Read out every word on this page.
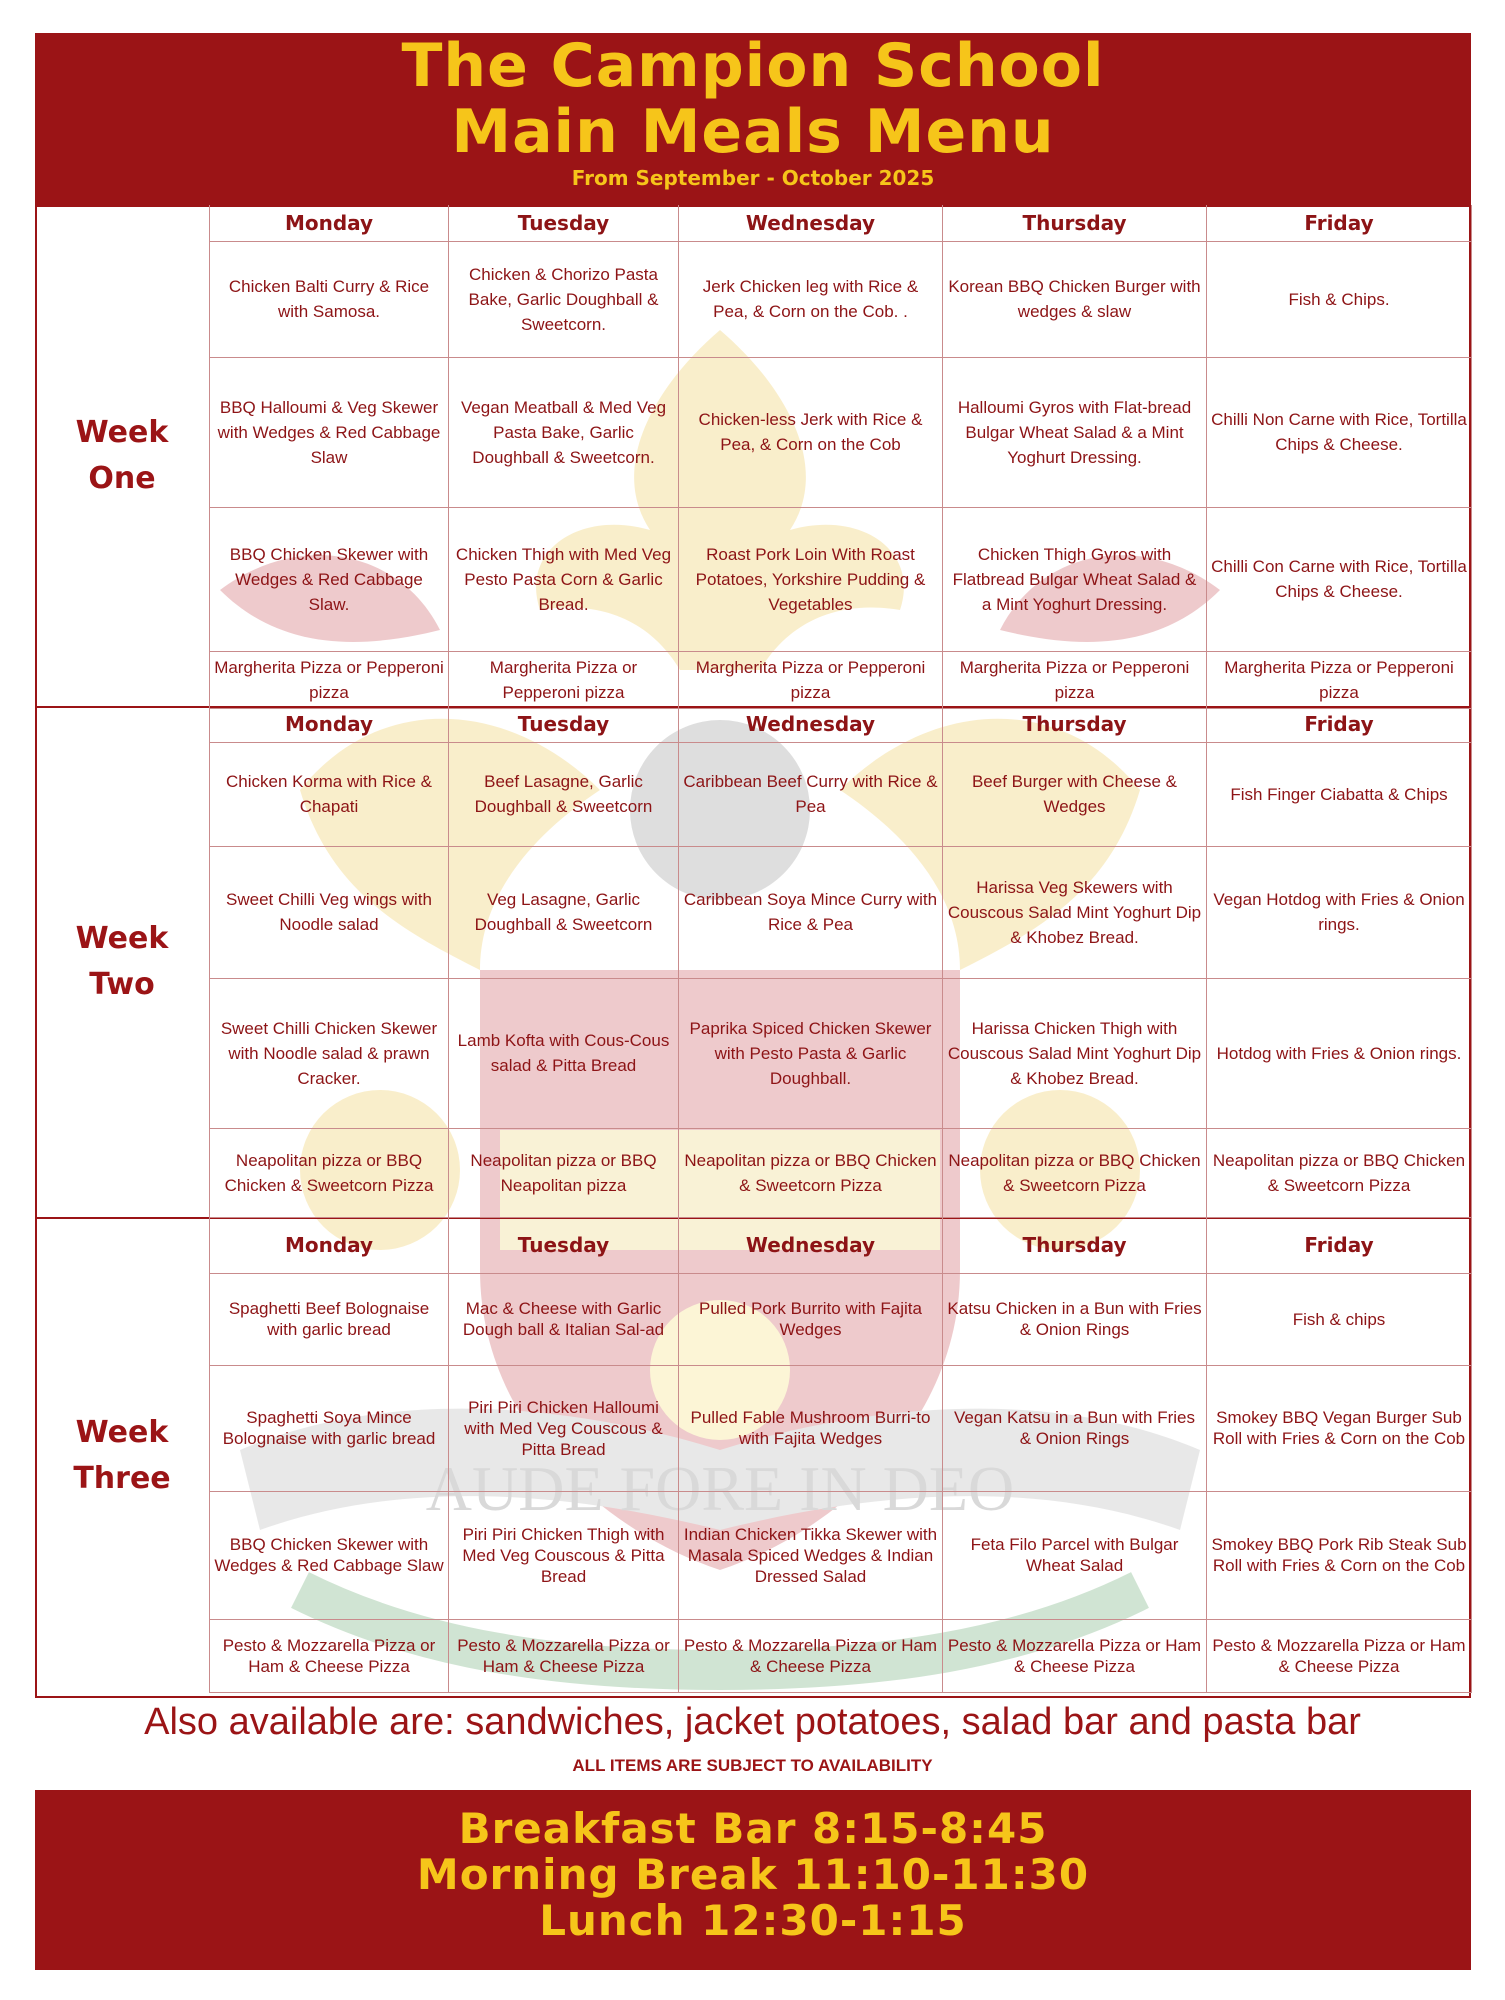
The Campion School
Main Meals Menu
From September - October 2025
AUDE FORE IN DEO
Week
One
Week
Two
Week
Three
Monday	Tuesday	Wednesday	Thursday	Friday
Chicken Balti Curry & Rice with Samosa.	Chicken & Chorizo Pasta Bake, Garlic Doughball & Sweetcorn.	Jerk Chicken leg with Rice & Pea, & Corn on the Cob. .	Korean BBQ Chicken Burger with wedges & slaw	Fish & Chips.
BBQ Halloumi & Veg Skewer with Wedges & Red Cabbage Slaw	Vegan Meatball & Med Veg Pasta Bake, Garlic Doughball & Sweetcorn.	Chicken-less Jerk with Rice & Pea, & Corn on the Cob	Halloumi Gyros with Flat-bread Bulgar Wheat Salad & a Mint Yoghurt Dressing.	Chilli Non Carne with Rice, Tortilla Chips & Cheese.
BBQ Chicken Skewer with Wedges & Red Cabbage Slaw.	Chicken Thigh with Med Veg Pesto Pasta Corn & Garlic Bread.	Roast Pork Loin With Roast Potatoes, Yorkshire Pudding & Vegetables	Chicken Thigh Gyros with Flatbread Bulgar Wheat Salad & a Mint Yoghurt Dressing.	Chilli Con Carne with Rice, Tortilla Chips & Cheese.
Margherita Pizza or Pepperoni pizza	Margherita Pizza or Pepperoni pizza	Margherita Pizza or Pepperoni pizza	Margherita Pizza or Pepperoni pizza	Margherita Pizza or Pepperoni pizza
Monday	Tuesday	Wednesday	Thursday	Friday
Chicken Korma with Rice & Chapati	Beef Lasagne, Garlic Doughball & Sweetcorn	Caribbean Beef Curry with Rice & Pea	Beef Burger with Cheese & Wedges	Fish Finger Ciabatta & Chips
Sweet Chilli Veg wings with Noodle salad	Veg Lasagne, Garlic Doughball & Sweetcorn	Caribbean Soya Mince Curry with Rice & Pea	Harissa Veg Skewers with Couscous Salad Mint Yoghurt Dip & Khobez Bread.	Vegan Hotdog with Fries & Onion rings.
Sweet Chilli Chicken Skewer with Noodle salad & prawn Cracker.	Lamb Kofta with Cous-Cous salad & Pitta Bread	Paprika Spiced Chicken Skewer with Pesto Pasta & Garlic Doughball.	Harissa Chicken Thigh with Couscous Salad Mint Yoghurt Dip & Khobez Bread.	Hotdog with Fries & Onion rings.
Neapolitan pizza or BBQ Chicken & Sweetcorn Pizza	Neapolitan pizza or BBQ Neapolitan pizza	Neapolitan pizza or BBQ Chicken & Sweetcorn Pizza	Neapolitan pizza or BBQ Chicken & Sweetcorn Pizza	Neapolitan pizza or BBQ Chicken & Sweetcorn Pizza
Monday	Tuesday	Wednesday	Thursday	Friday
Spaghetti Beef Bolognaise with garlic bread	Mac & Cheese with Garlic Dough ball & Italian Sal-ad	Pulled Pork Burrito with Fajita Wedges	Katsu Chicken in a Bun with Fries & Onion Rings	Fish & chips
Spaghetti Soya Mince Bolognaise with garlic bread	Piri Piri Chicken Halloumi with Med Veg Couscous & Pitta Bread	Pulled Fable Mushroom Burri-to with Fajita Wedges	Vegan Katsu in a Bun with Fries & Onion Rings	Smokey BBQ Vegan Burger Sub Roll with Fries & Corn on the Cob
BBQ Chicken Skewer with Wedges & Red Cabbage Slaw	Piri Piri Chicken Thigh with Med Veg Couscous & Pitta Bread	Indian Chicken Tikka Skewer with Masala Spiced Wedges & Indian Dressed Salad	Feta Filo Parcel with Bulgar Wheat Salad	Smokey BBQ Pork Rib Steak Sub Roll with Fries & Corn on the Cob
Pesto & Mozzarella Pizza or Ham & Cheese Pizza	Pesto & Mozzarella Pizza or Ham & Cheese Pizza	Pesto & Mozzarella Pizza or Ham & Cheese Pizza	Pesto & Mozzarella Pizza or Ham & Cheese Pizza	Pesto & Mozzarella Pizza or Ham & Cheese Pizza
Also available are: sandwiches, jacket potatoes, salad bar and pasta bar
ALL ITEMS ARE SUBJECT TO AVAILABILITY
Breakfast Bar 8:15-8:45
Morning Break 11:10-11:30
Lunch 12:30-1:15
